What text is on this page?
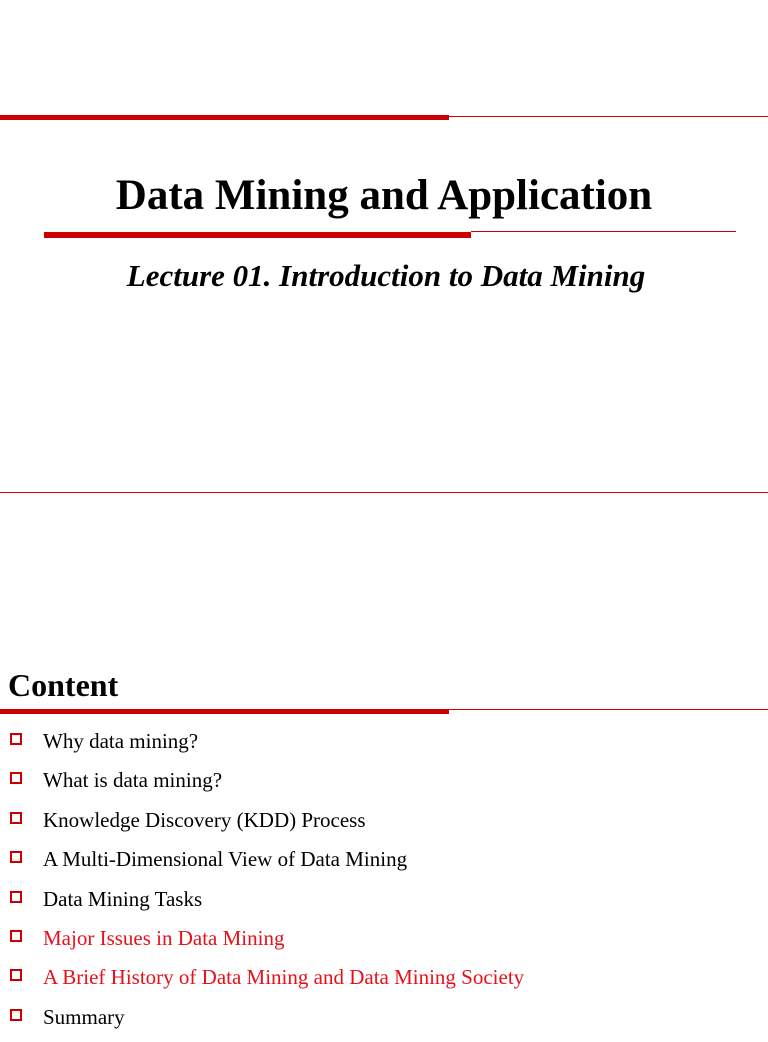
Data Mining and Application
Lecture 01. Introduction to Data Mining
Content
Why data mining?
What is data mining?
Knowledge Discovery (KDD) Process
A Multi-Dimensional View of Data Mining
Data Mining Tasks
Major Issues in Data Mining
A Brief History of Data Mining and Data Mining Society
Summary
